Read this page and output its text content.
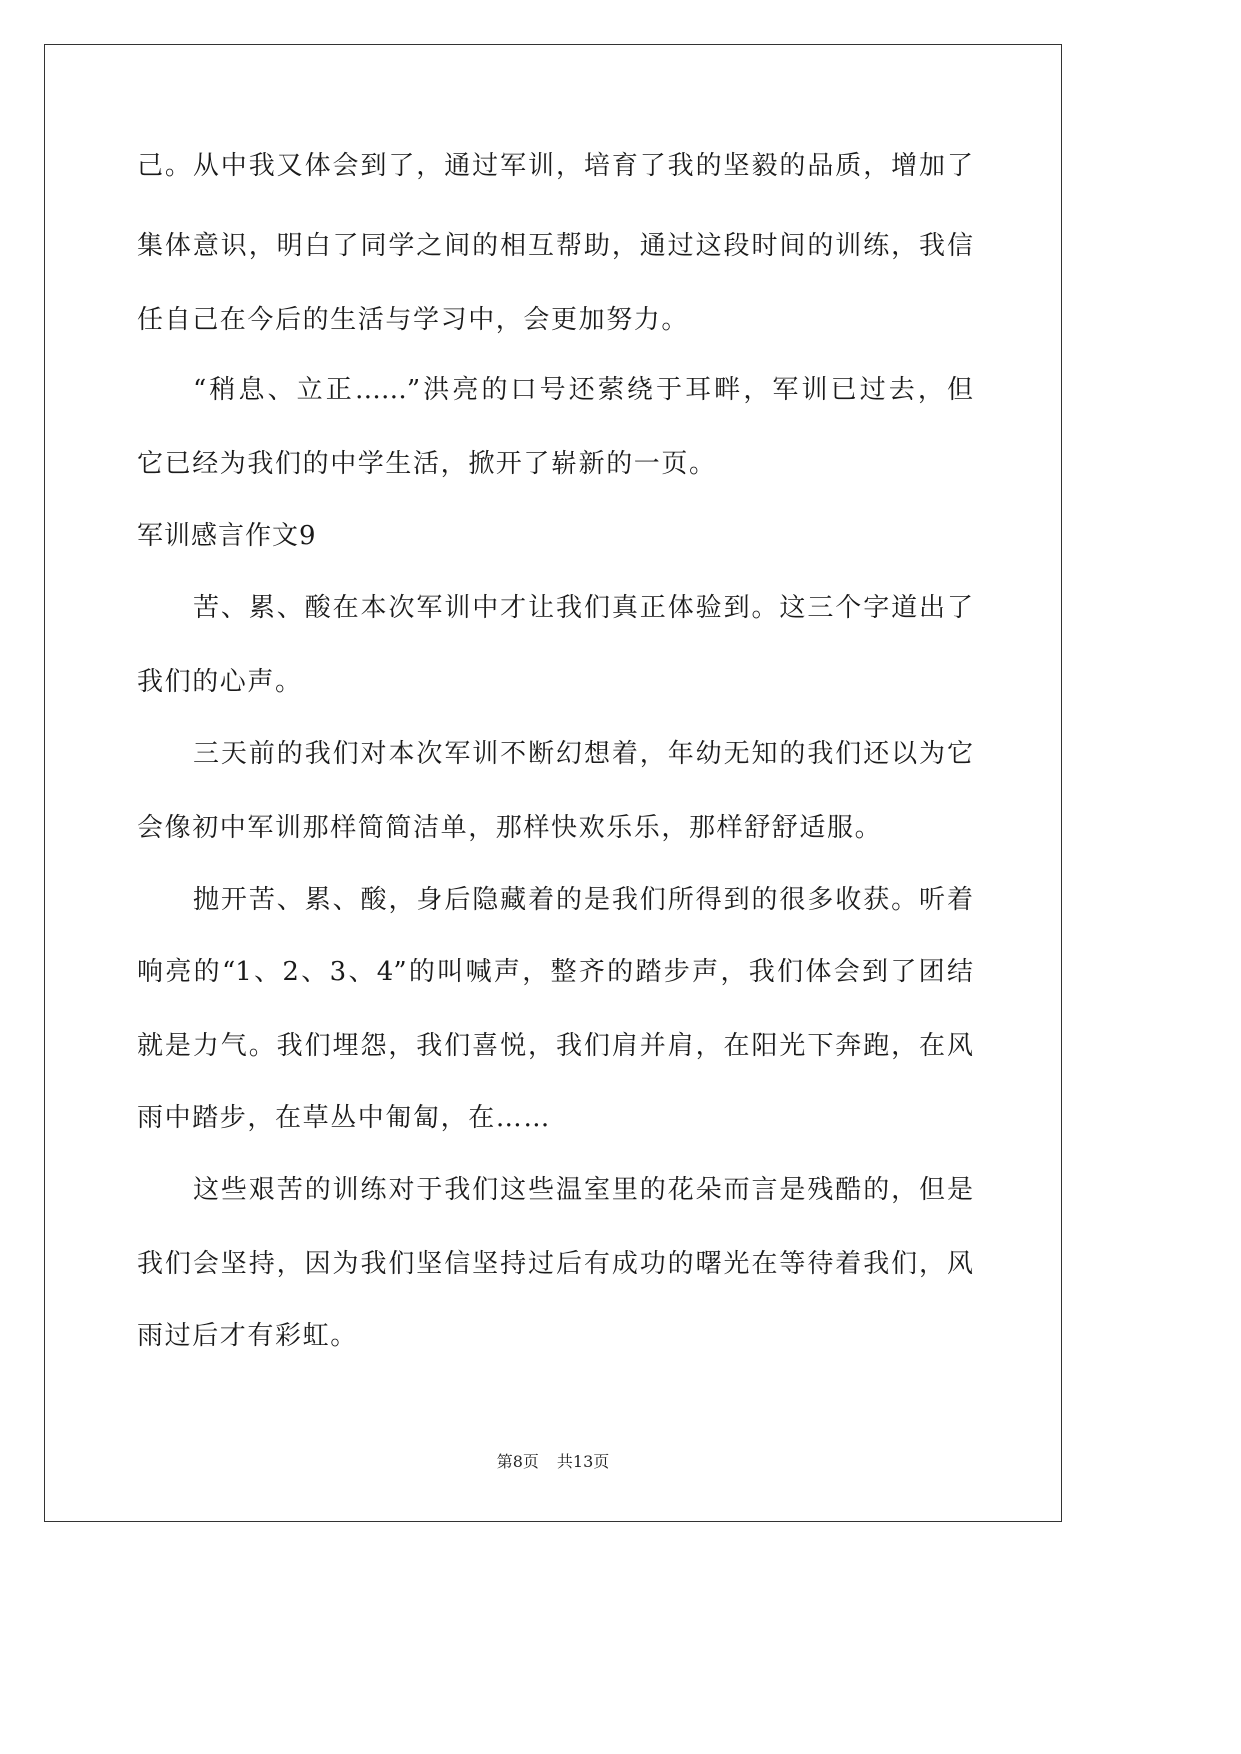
己。从中我又体会到了，通过军训，培育了我的坚毅的品质，增加了
集体意识，明白了同学之间的相互帮助，通过这段时间的训练，我信
任自己在今后的生活与学习中，会更加努力。
“稍息、立正……”洪亮的口号还萦绕于耳畔，军训已过去，但
它已经为我们的中学生活，掀开了崭新的一页。
军训感言作文9
苦、累、酸在本次军训中才让我们真正体验到。这三个字道出了
我们的心声。
三天前的我们对本次军训不断幻想着，年幼无知的我们还以为它
会像初中军训那样简简洁单，那样快欢乐乐，那样舒舒适服。
抛开苦、累、酸，身后隐藏着的是我们所得到的很多收获。听着
响亮的“1、2、3、4”的叫喊声，整齐的踏步声，我们体会到了团结
就是力气。我们埋怨，我们喜悦，我们肩并肩，在阳光下奔跑，在风
雨中踏步，在草丛中匍匐，在……
这些艰苦的训练对于我们这些温室里的花朵而言是残酷的，但是
我们会坚持，因为我们坚信坚持过后有成功的曙光在等待着我们，风
雨过后才有彩虹。
第8页 共13页
